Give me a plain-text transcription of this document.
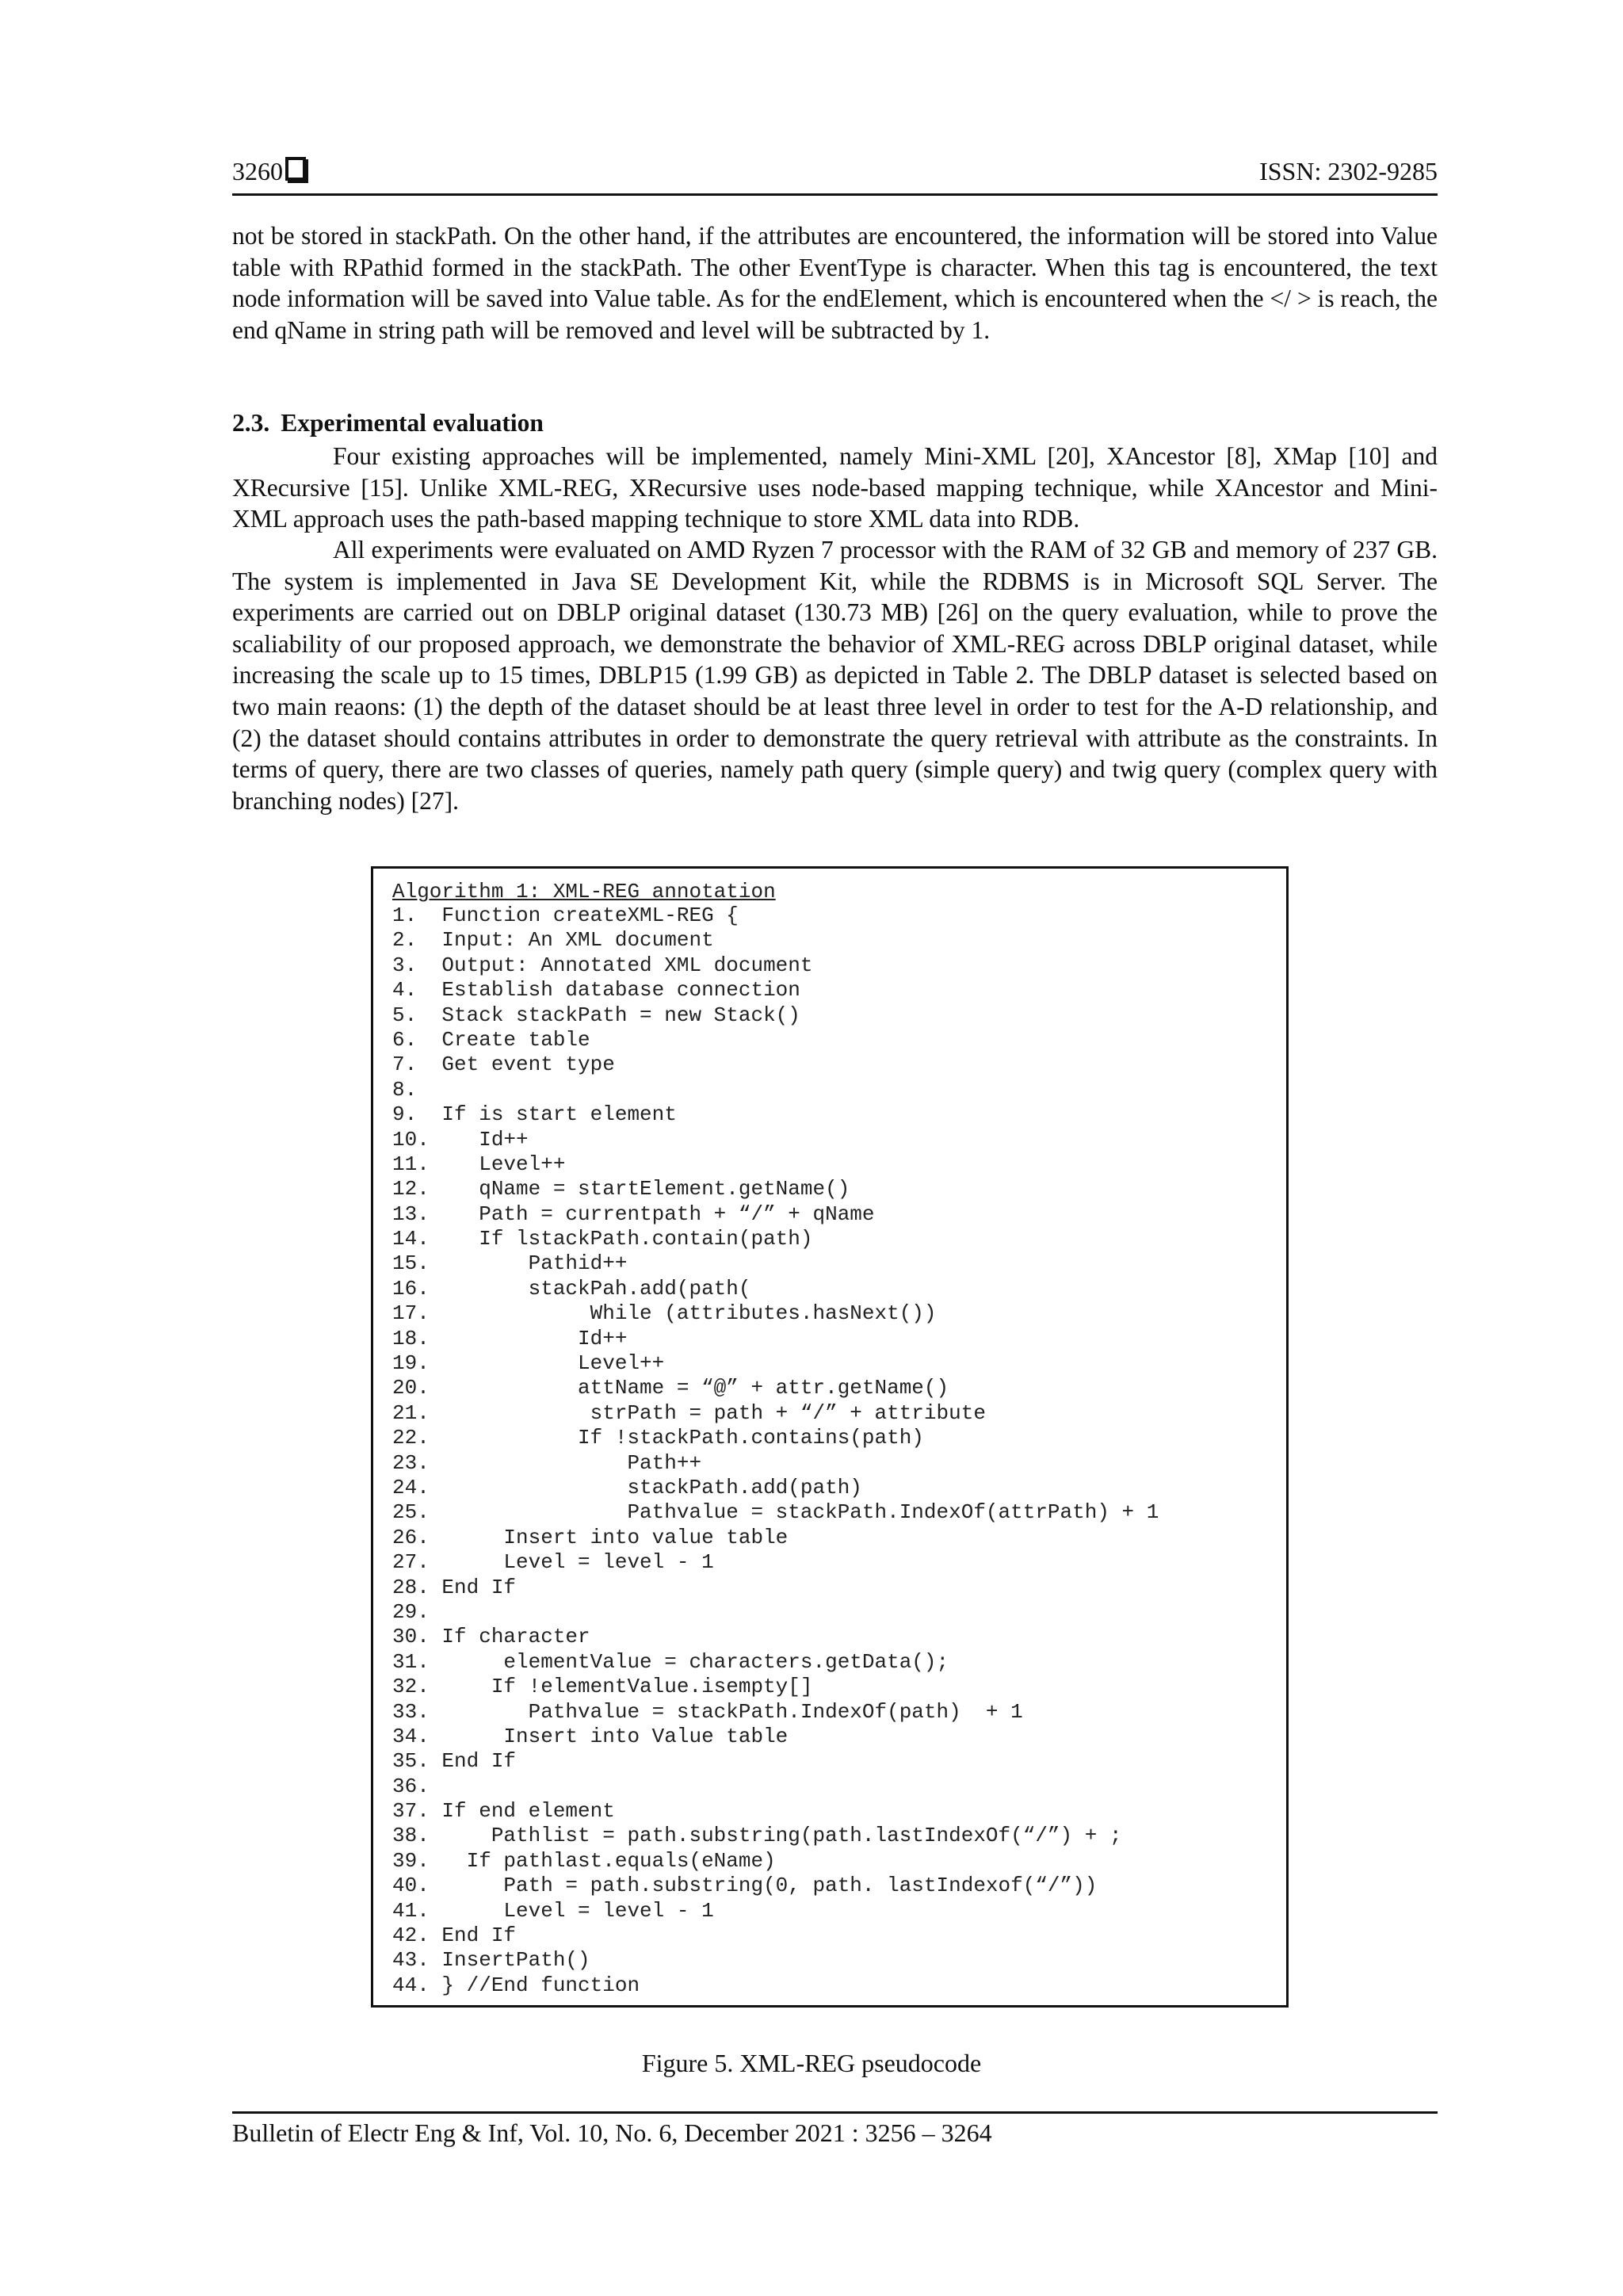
3260	ISSN: 2302-9285

not be stored in stackPath. On the other hand, if the attributes are encountered, the information will be stored into Value table with RPathid formed in the stackPath. The other EventType is character. When this tag is encountered, the text node information will be saved into Value table. As for the endElement, which is encountered when the </ > is reach, the end qName in string path will be removed and level will be subtracted by 1.

2.3. Experimental evaluation

Four existing approaches will be implemented, namely Mini-XML [20], XAncestor [8], XMap [10] and XRecursive [15]. Unlike XML-REG, XRecursive uses node-based mapping technique, while XAncestor and Mini-XML approach uses the path-based mapping technique to store XML data into RDB.

All experiments were evaluated on AMD Ryzen 7 processor with the RAM of 32 GB and memory of 237 GB. The system is implemented in Java SE Development Kit, while the RDBMS is in Microsoft SQL Server. The experiments are carried out on DBLP original dataset (130.73 MB) [26] on the query evaluation, while to prove the scaliability of our proposed approach, we demonstrate the behavior of XML-REG across DBLP original dataset, while increasing the scale up to 15 times, DBLP15 (1.99 GB) as depicted in Table 2. The DBLP dataset is selected based on two main reaons: (1) the depth of the dataset should be at least three level in order to test for the A-D relationship, and (2) the dataset should contains attributes in order to demonstrate the query retrieval with attribute as the constraints. In terms of query, there are two classes of queries, namely path query (simple query) and twig query (complex query with branching nodes) [27].

Algorithm 1: XML-REG annotation

1.  Function createXML-REG {
2.  Input: An XML document
3.  Output: Annotated XML document
4.  Establish database connection
5.  Stack stackPath = new Stack()
6.  Create table
7.  Get event type
8.
9.  If is start element
10.    Id++
11.    Level++
12.    qName = startElement.getName()
13.    Path = currentpath + “/” + qName
14.    If lstackPath.contain(path)
15.        Pathid++
16.        stackPah.add(path(
17.             While (attributes.hasNext())
18.            Id++
19.            Level++
20.            attName = “@” + attr.getName()
21.             strPath = path + “/” + attribute
22.            If !stackPath.contains(path)
23.                Path++
24.                stackPath.add(path)
25.                Pathvalue = stackPath.IndexOf(attrPath) + 1
26.      Insert into value table
27.      Level = level - 1
28. End If
29.
30. If character
31.      elementValue = characters.getData();
32.     If !elementValue.isempty[]
33.        Pathvalue = stackPath.IndexOf(path)  + 1
34.      Insert into Value table
35. End If
36.
37. If end element
38.     Pathlist = path.substring(path.lastIndexOf(“/”) + ;
39.   If pathlast.equals(eName)
40.      Path = path.substring(0, path. lastIndexof(“/”))
41.      Level = level - 1
42. End If
43. InsertPath()
44. } //End function

Figure 5. XML-REG pseudocode

Bulletin of Electr Eng & Inf, Vol. 10, No. 6, December 2021 : 3256 – 3264
